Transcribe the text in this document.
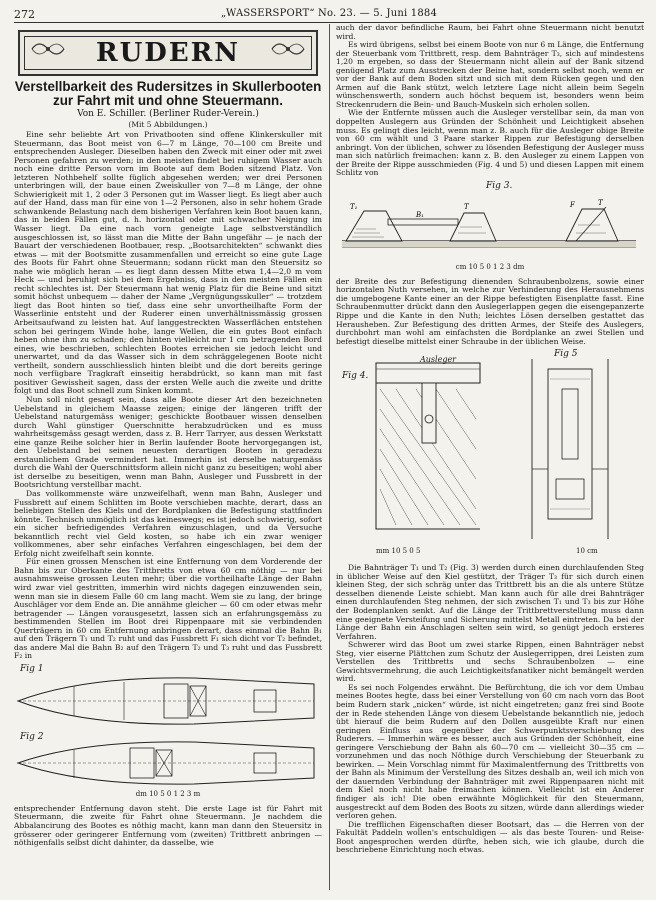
272	„WASSERSPORT“ No. 23. — 5. Juni 1884
RUDERN
Verstellbarkeit des Rudersitzes in Skullerbooten zur Fahrt mit und ohne Steuermann.
Von E. Schiller. (Berliner Ruder-Verein.)
(Mit 5 Abbildungen.)

Eine sehr beliebte Art von Privatbooten sind offene Klinkerskuller mit Steuermann, das Boot meist von 6—7 m Länge, 70—100 cm Breite und entsprechenden Ausleger. Dieselben haben den Zweck mit einer oder mit zwei Personen gefahren zu werden; in den meisten findet bei ruhigem Wasser auch noch eine dritte Person vorn im Boote auf dem Boden sitzend Platz. Von letzteren Nothbehelf sollte füglich abgesehen werden; wer drei Personen unterbringen will, der baue einen Zweiskuller von 7—8 m Länge, der ohne Schwierigkeit mit 1, 2 oder 3 Personen gut im Wasser liegt. Es liegt aber auch auf der Hand, dass man für eine von 1—2 Personen, also in sehr hohem Grade schwankende Belastung nach dem bisherigen Verfahren kein Boot bauen kann, das in beiden Fällen gut, d. h. horizontal oder mit schwacher Neigung im Wasser liegt. Da eine nach vorn geneigte Lage selbstverständlich ausgeschlossen ist, so lässt man die Mitte der Bahn ungefähr — je nach der Bauart der verschiedenen Bootbauer, resp. „Bootsarchitekten“ schwankt dies etwas — mit der Bootsmitte zusammenfallen und erreicht so eine gute Lage des Boots für Fahrt ohne Steuermann; sodann rückt man den Steuersitz so nahe wie möglich heran — es liegt dann dessen Mitte etwa 1,4—2,0 m vom Heck — und beruhigt sich bei dem Ergebniss, dass in den meisten Fällen ein recht schlechtes ist. Der Steuermann hat wenig Platz für die Beine und sitzt somit höchst unbequem — daher der Name „Vergnügungsskuller“ — trotzdem liegt das Boot hinten so tief, dass eine sehr unvortheilhafte Form der Wasserlinie entsteht und der Ruderer einen unverhältnissmässig grossen Arbeitsaufwand zu leisten hat. Auf langgestreckten Wasserflächen entstehen schon bei geringem Winde hohe, lange Wellen, die ein gutes Boot einfach heben ohne ihm zu schaden; den hinten vielleicht nur 1 cm betragenden Bord eines, wie beschrieben, schlechten Bootes erreichen sie jedoch leicht und unerwartet, und da das Wasser sich in dem schräggelegenen Boote nicht vertheilt, sondern ausschliesslich hinten bleibt und die dort bereits geringe noch verfügbare Tragkraft einseitig herabdrückt, so kann man mit fast positiver Gewissheit sagen, dass der ersten Welle auch die zweite und dritte folgt und das Boot schnell zum Sinken kommt.

Nun soll nicht gesagt sein, dass alle Boote dieser Art den bezeichneten Uebelstand in gleichem Maasse zeigen; einige der längeren trifft der Uebelstand naturgemäss weniger; geschickte Bootbauer wissen denselben durch Wahl günstiger Querschnitte herabzudrücken und es muss wahrheitsgemäss gesagt werden, dass z. B. Herr Tarryer, aus dessen Werkstatt eine ganze Reihe solcher hier in Berlin laufender Boote hervorgegangen ist, den Uebelstand bei seinen neuesten derartigen Booten in geradezu erstaunlichem Grade vermindert hat. Immerhin ist derselbe naturgemäss durch die Wahl der Querschnittsform allein nicht ganz zu beseitigen; wohl aber ist derselbe zu beseitigen, wenn man Bahn, Ausleger und Fussbrett in der Bootsrichtung verstellbar macht.

Das vollkommenste wäre unzweifelhaft, wenn man Bahn, Ausleger und Fussbrett auf einem Schlitten im Boote verschieben machte, derart, dass an beliebigen Stellen des Kiels und der Bordplanken die Befestigung stattfinden könnte. Technisch unmöglich ist das keineswegs; es ist jedoch schwierig, sofort ein sicher befriedigendes Verfahren einzuschlagen, und da Versuche bekanntlich recht viel Geld kosten, so habe ich ein zwar weniger vollkommenes, aber sehr einfaches Verfahren eingeschlagen, bei dem der Erfolg nicht zweifelhaft sein konnte.

Für einen grossen Menschen ist eine Entfernung von dem Vorderende der Bahn bis zur Oberkante des Trittbretts von etwa 60 cm nöthig — nur bei ausnahmsweise grossen Leuten mehr; über die vortheilhafte Länge der Bahn wird zwar viel gestritten, immerhin wird nichts dagegen einzuwenden sein, wenn man sie in diesem Falle 60 cm lang macht. Wem sie zu lang, der bringe Auschläger vor dem Ende an. Die annähme gleicher — 60 cm oder etwas mehr betragender — Längen vorausgesetzt, lassen sich an erfahrungsgemäss zu bestimmenden Stellen im Boot drei Rippenpaare mit sie verbindenden Querträgern in 60 cm Entfernung anbringen derart, dass einmal die Bahn B₁ auf den Trägern T₁ und T₂ ruht und das Fussbrett F₁ sich dicht vor T₂ befindet, das andere Mal die Bahn B₂ auf den Trägern T₂ und T₃ ruht und das Fussbrett F₂ in

Fig 1
Fig 2
dm 10 5 0 1 2 3 m

entsprechender Entfernung davon steht. Die erste Lage ist für Fahrt mit Steuermann, die zweite für Fahrt ohne Steuermann. Je nachdem die Abbalancirung des Bootes es nöthig macht, kann man dann den Steuersitz in grösserer oder geringerer Entfernung vom (zweiten) Trittbrett anbringen — nöthigenfalls selbst dicht dahinter, da dasselbe, wie

auch der davor befindliche Raum, bei Fahrt ohne Steuermann nicht benutzt wird.

Es wird übrigens, selbst bei einem Boote von nur 6 m Länge, die Entfernung der Steuerbank vom Trittbrett, resp. dem Bahnträger T₃, sich auf mindestens 1,20 m ergeben, so dass der Steuermann nicht allein auf der Bank sitzend genügend Platz zum Ausstrecken der Beine hat, sondern selbst noch, wenn er vor der Bank auf dem Boden sitzt und sich mit dem Rücken gegen und den Armen auf die Bank stützt, welch letztere Lage nicht allein beim Segeln wünschenswerth, sondern auch höchst bequem ist, besonders wenn beim Streckenrudern die Bein- und Bauch-Muskeln sich erholen sollen.

Wie der Entfernte müssen auch die Ausleger verstellbar sein, da man von doppelten Auslegern aus Gründen der Schönheit und Leichtigkeit absehen muss. Es gelingt dies leicht, wenn man z. B. auch für die Ausleger obige Breite von 60 cm wählt und 3 Paare starker Rippen zur Befestigung derselben anbringt. Von der üblichen, schwer zu lösenden Befestigung der Ausleger muss man sich natürlich freimachen: kann z. B. den Ausleger zu einem Lappen von der Breite der Rippe ausschmieden (Fig. 4 und 5) und diesen Lappen mit einem Schlitz von

Fig 3.
T₁
B₁
T	F	T
cm 10 5 0 1 2 3 dm

der Breite des zur Befestigung dienenden Schraubenbolzens, sowie einer horizontalen Nuth versehen, in welche zur Verhinderung des Herausnehmens die umgebogene Kante einer an der Rippe befestigten Eisenplatte fasst. Eine Schraubenmutter drückt dann den Auslegerlappen gegen die eisengepanzerte Rippe und die Kante in den Nuth; leichtes Lösen derselben gestattet das Herausheben. Zur Befestigung des dritten Armes, der Steife des Auslegers, durchbohrt man wohl am einfachsten die Bordplanke an zwei Stellen und befestigt dieselbe mittelst einer Schraube in der üblichen Weise.

Fig 4.
Fig 5
Ausleger
mm 10 5 0 5	10 cm

Die Bahnträger T₁ und T₂ (Fig. 3) werden durch einen durchlaufenden Steg in üblicher Weise auf den Kiel gestützt, der Träger T₃ für sich durch einen kleinen Steg, der sich schräg unter das Trittbrett bis an die als untere Stütze desselben dienende Leiste schiebt. Man kann auch für alle drei Bahnträger einen durchlaufenden Steg nehmen, der sich zwischen T₁ und T₃ bis zur Höhe der Bodenplanken senkt. Auf die Länge der Trittbrettverstellung muss dann eine geeignete Versteifung und Sicherung mittelst Metall eintreten. Da bei der Länge der Bahn ein Anschlagen selten sein wird, so genügt jedoch ersteres Verfahren.

Schwerer wird das Boot um zwei starke Rippen, einen Bahnträger nebst Steg, vier eiserne Plättchen zum Schutz der Auslegerrippen, drei Leisten zum Verstellen des Trittbretts und sechs Schraubenbolzen — eine Gewichtsvermehrung, die auch Leichtigkeitsfanatiker nicht bemängelt werden wird.

Es sei noch Folgendes erwähnt. Die Befürchtung, die ich vor dem Umbau meines Bootes hegte, dass bei einer Verstellung von 60 cm nach vorn das Boot beim Rudern stark „nicken“ würde, ist nicht eingetreten; ganz frei sind Boote der in Rede stehenden Länge von diesem Uebelstande bekanntlich nie, jedoch übt hierauf die beim Rudern auf den Dollen ausgeübte Kraft nur einen geringen Einfluss aus gegenüber der Schwerpunktsverschiebung des Ruderers. — Immerhin wäre es besser, auch aus Gründen der Schönheit, eine geringere Verschiebung der Bahn als 60—70 cm — vielleicht 30—35 cm — vorzunehmen und das noch Nöthige durch Verschiebung der Steuerbank zu bewirken. — Mein Vorschlag nimmt für Maximalentfernung des Trittbretts von der Bahn als Minimum der Verstellung des Sitzes deshalb an, weil ich mich von der dauernden Verbindung der Bahnträger mit zwei Rippenpaaren nicht mit dem Kiel noch nicht habe freimachen können. Vielleicht ist ein Anderer findiger als ich! Die oben erwähnte Möglichkeit für den Steuermann, ausgestreckt auf dem Boden des Boots zu sitzen, würde dann allerdings wieder verloren gehen.

Die trefflichen Eigenschaften dieser Bootsart, das — die Herren von der Fakultät Paddeln wollen's entschuldigen — als das beste Touren- und Reise-Boot angesprochen werden dürfte, heben sich, wie ich glaube, durch die beschriebene Einrichtung noch etwas.
